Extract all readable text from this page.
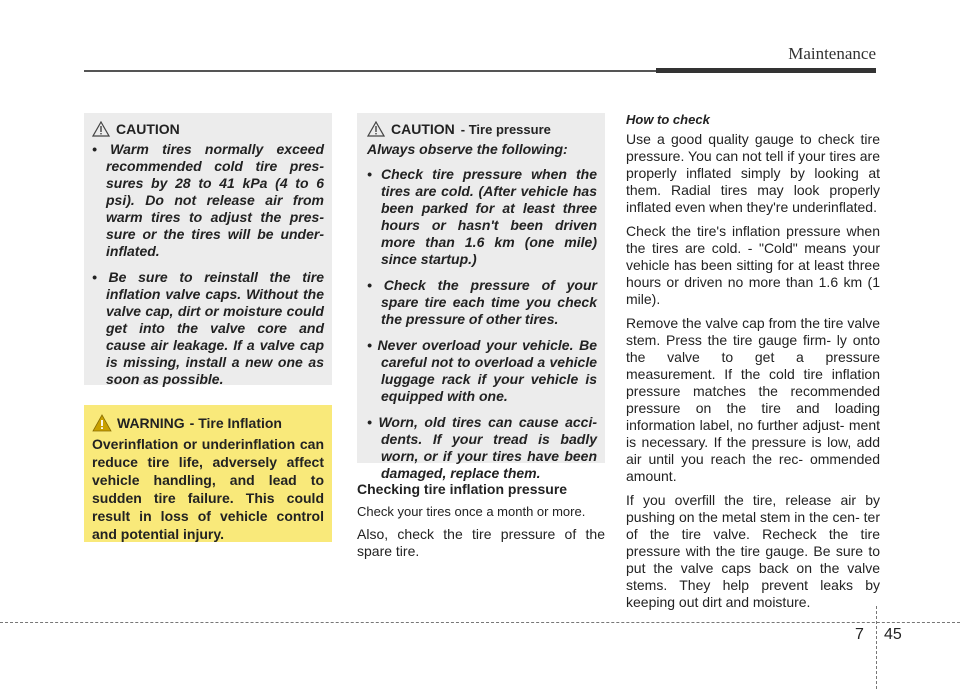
Maintenance
CAUTION

• Warm tires normally exceed recommended cold tire pres- sures by 28 to 41 kPa (4 to 6 psi). Do not release air from warm tires to adjust the pres- sure or the tires will be under- inflated.

• Be sure to reinstall the tire inflation valve caps. Without the valve cap, dirt or moisture could get into the valve core and cause air leakage. If a valve cap is missing, install a new one as soon as possible.

WARNING - Tire Inflation
Overinflation or underinflation can reduce tire life, adversely affect vehicle handling, and lead to sudden tire failure. This could result in loss of vehicle control and potential injury.
CAUTION - Tire pressure

Always observe the following:

• Check tire pressure when the tires are cold. (After vehicle has been parked for at least three hours or hasn't been driven more than 1.6 km (one mile) since startup.)

• Check the pressure of your spare tire each time you check the pressure of other tires.

• Never overload your vehicle. Be careful not to overload a vehicle luggage rack if your vehicle is equipped with one.

• Worn, old tires can cause acci- dents. If your tread is badly worn, or if your tires have been damaged, replace them.

Checking tire inflation pressure

Check your tires once a month or more.

Also, check the tire pressure of the spare tire.

How to check

Use a good quality gauge to check tire pressure. You can not tell if your tires are properly inflated simply by looking at them. Radial tires may look properly inflated even when they're underinflated.

Check the tire's inflation pressure when the tires are cold. - "Cold" means your vehicle has been sitting for at least three hours or driven no more than 1.6 km (1 mile).

Remove the valve cap from the tire valve stem. Press the tire gauge firm- ly onto the valve to get a pressure measurement. If the cold tire inflation pressure matches the recommended pressure on the tire and loading information label, no further adjust- ment is necessary. If the pressure is low, add air until you reach the rec- ommended amount.

If you overfill the tire, release air by pushing on the metal stem in the cen- ter of the tire valve. Recheck the tire pressure with the tire gauge. Be sure to put the valve caps back on the valve stems. They help prevent leaks by keeping out dirt and moisture.

7 45
